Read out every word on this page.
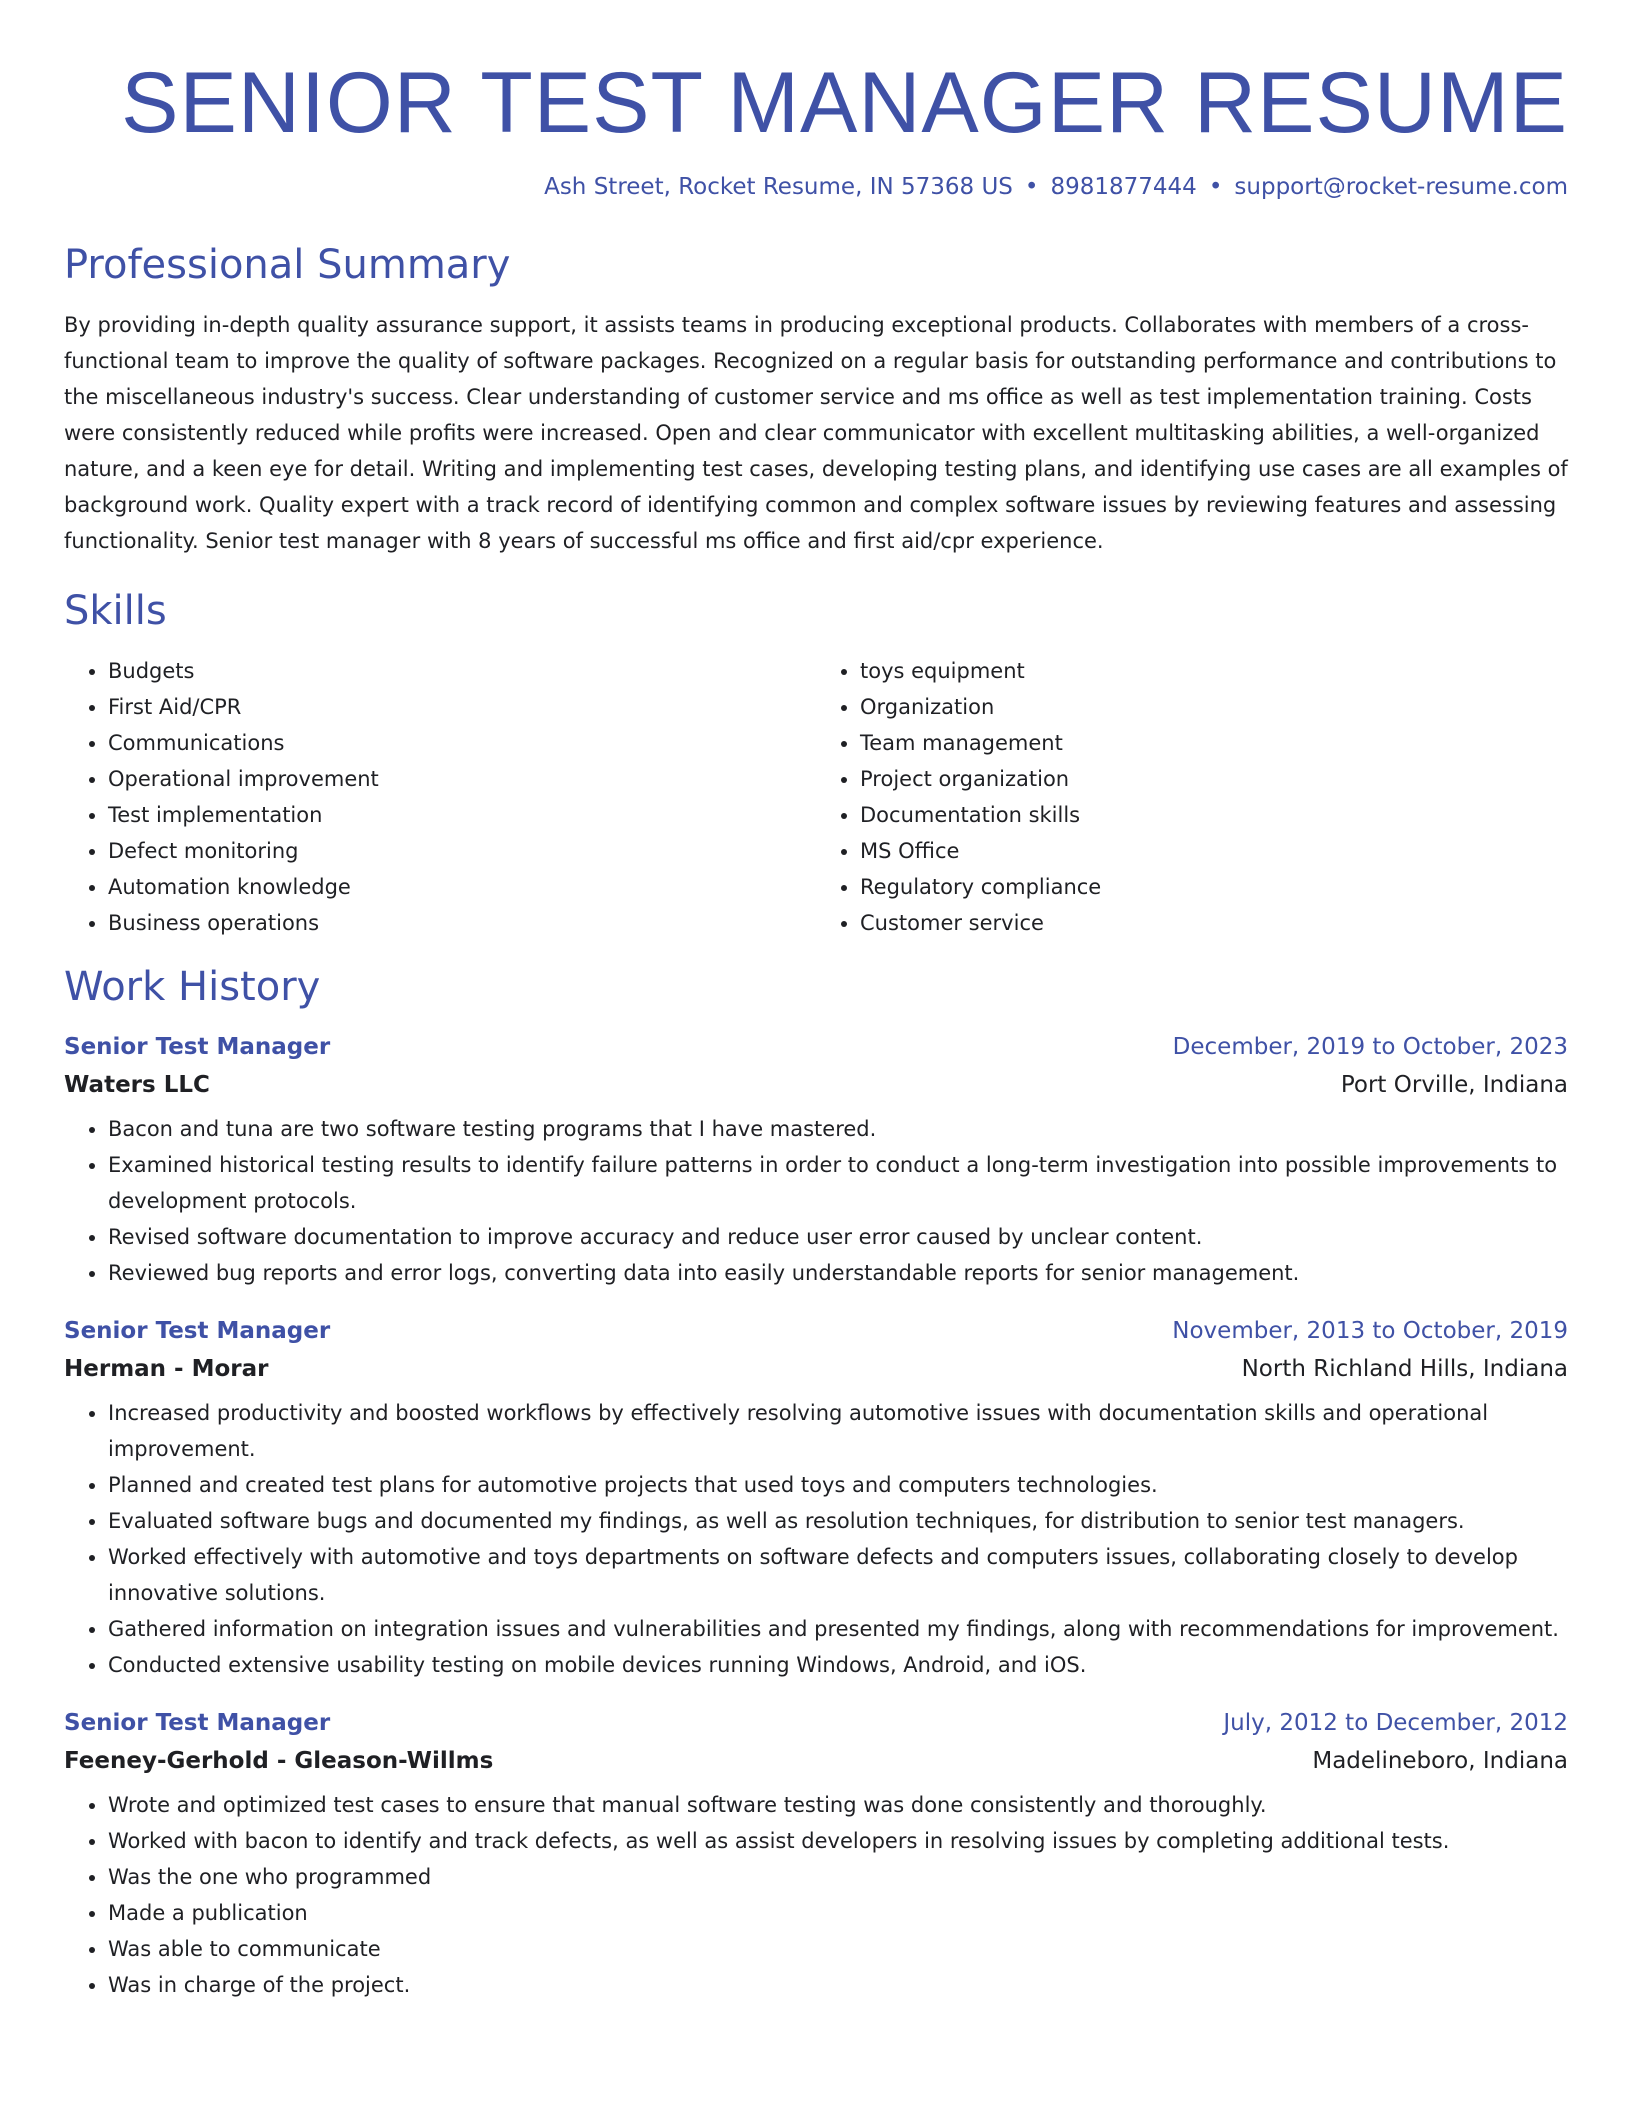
SENIOR TEST MANAGER RESUME
Ash Street, Rocket Resume, IN 57368 US • 8981877444 • support@rocket-resume.com
Professional Summary

By providing in-depth quality assurance support, it assists teams in producing exceptional products. Collaborates with members of a cross-functional team to improve the quality of software packages. Recognized on a regular basis for outstanding performance and contributions to the miscellaneous industry's success. Clear understanding of customer service and ms office as well as test implementation training. Costs were consistently reduced while profits were increased. Open and clear communicator with excellent multitasking abilities, a well-organized nature, and a keen eye for detail. Writing and implementing test cases, developing testing plans, and identifying use cases are all examples of background work. Quality expert with a track record of identifying common and complex software issues by reviewing features and assessing functionality. Senior test manager with 8 years of successful ms office and first aid/cpr experience.

Skills
• Budgets
• First Aid/CPR
• Communications
• Operational improvement
• Test implementation
• Defect monitoring
• Automation knowledge
• Business operations
• toys equipment
• Organization
• Team management
• Project organization
• Documentation skills
• MS Office
• Regulatory compliance
• Customer service
Work History
Senior Test Manager	December, 2019 to October, 2023
Waters LLC	Port Orville, Indiana
• Bacon and tuna are two software testing programs that I have mastered.
• Examined historical testing results to identify failure patterns in order to conduct a long-term investigation into possible improvements to development protocols.
• Revised software documentation to improve accuracy and reduce user error caused by unclear content.
• Reviewed bug reports and error logs, converting data into easily understandable reports for senior management.
Senior Test Manager	November, 2013 to October, 2019
Herman - Morar	North Richland Hills, Indiana
• Increased productivity and boosted workflows by effectively resolving automotive issues with documentation skills and operational improvement.
• Planned and created test plans for automotive projects that used toys and computers technologies.
• Evaluated software bugs and documented my findings, as well as resolution techniques, for distribution to senior test managers.
• Worked effectively with automotive and toys departments on software defects and computers issues, collaborating closely to develop innovative solutions.
• Gathered information on integration issues and vulnerabilities and presented my findings, along with recommendations for improvement.
• Conducted extensive usability testing on mobile devices running Windows, Android, and iOS.
Senior Test Manager	July, 2012 to December, 2012
Feeney-Gerhold - Gleason-Willms	Madelineboro, Indiana
• Wrote and optimized test cases to ensure that manual software testing was done consistently and thoroughly.
• Worked with bacon to identify and track defects, as well as assist developers in resolving issues by completing additional tests.
• Was the one who programmed
• Made a publication
• Was able to communicate
• Was in charge of the project.
